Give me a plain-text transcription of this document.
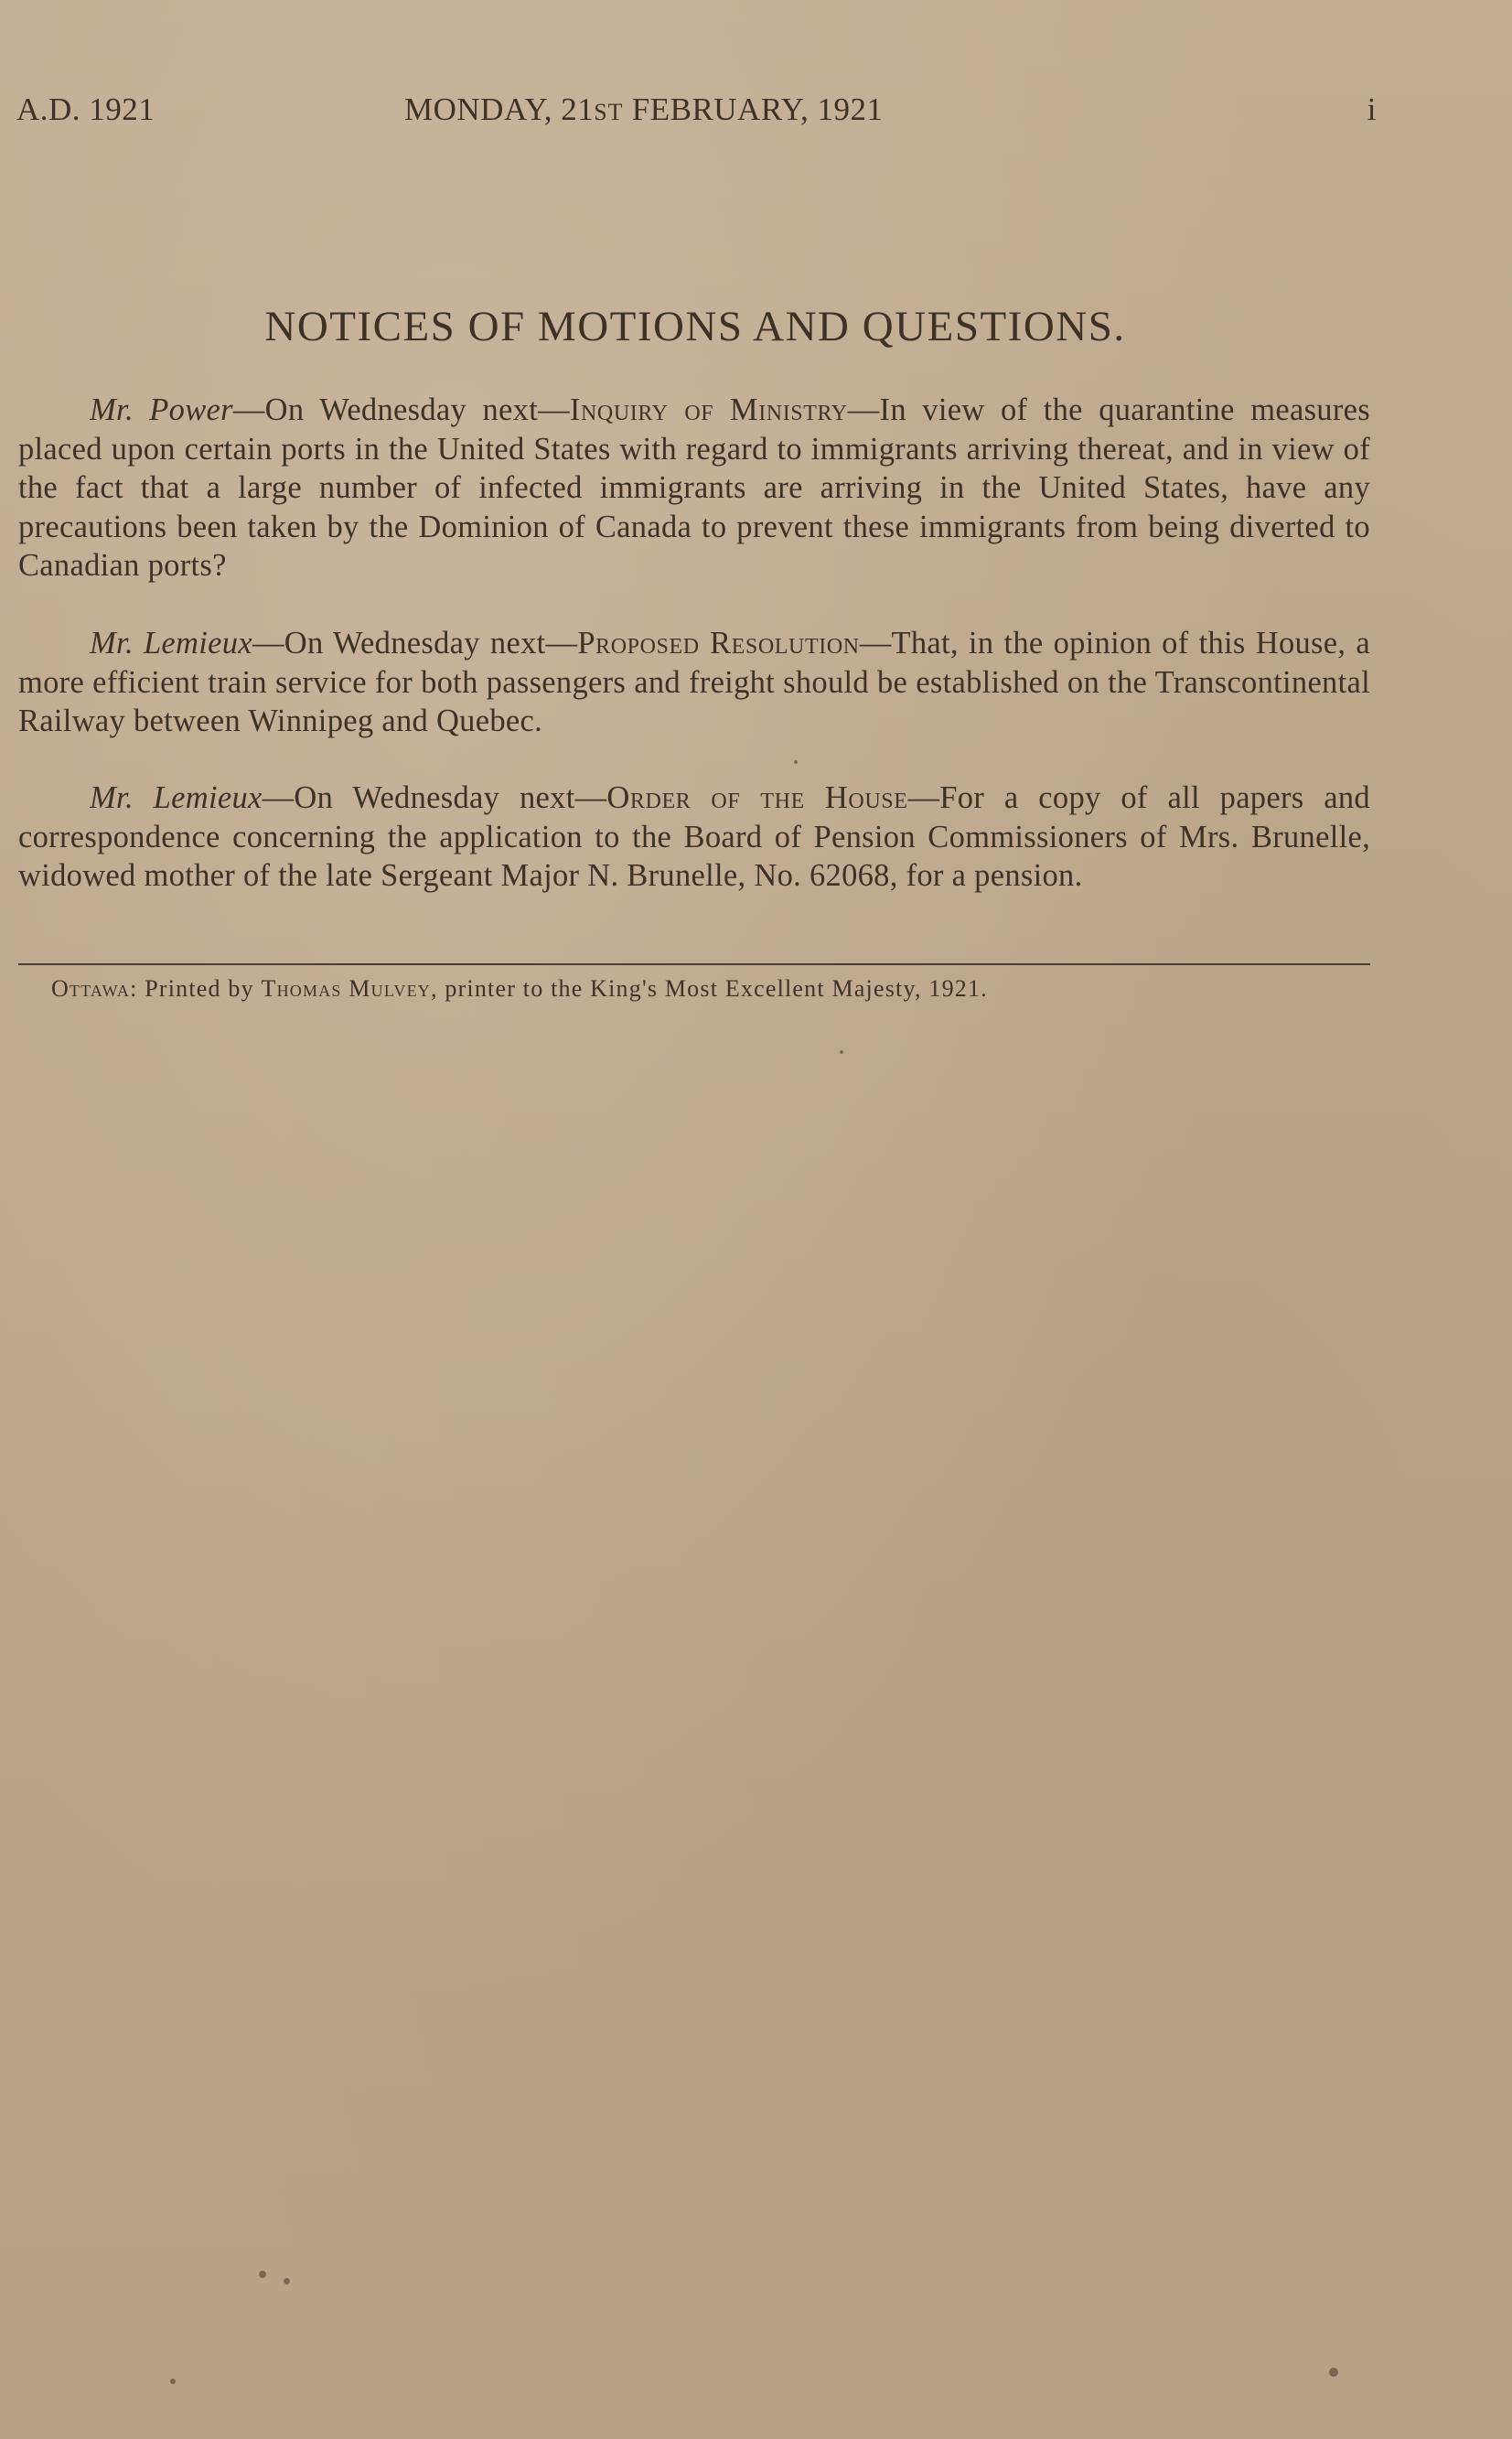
A.D. 1921	MONDAY, 21ST FEBRUARY, 1921	i
NOTICES OF MOTIONS AND QUESTIONS.

Mr. Power—On Wednesday next—Inquiry of Ministry—In view of the quarantine measures placed upon certain ports in the United States with regard to immigrants arriving thereat, and in view of the fact that a large number of infected immigrants are arriving in the United States, have any precautions been taken by the Dominion of Canada to prevent these immigrants from being diverted to Canadian ports?

Mr. Lemieux—On Wednesday next—Proposed Resolution—That, in the opinion of this House, a more efficient train service for both passengers and freight should be established on the Transcontinental Railway between Winnipeg and Quebec.

Mr. Lemieux—On Wednesday next—Order of the House—For a copy of all papers and correspondence concerning the application to the Board of Pension Commissioners of Mrs. Brunelle, widowed mother of the late Sergeant Major N. Brunelle, No. 62068, for a pension.

Ottawa: Printed by Thomas Mulvey, printer to the King's Most Excellent Majesty, 1921.
